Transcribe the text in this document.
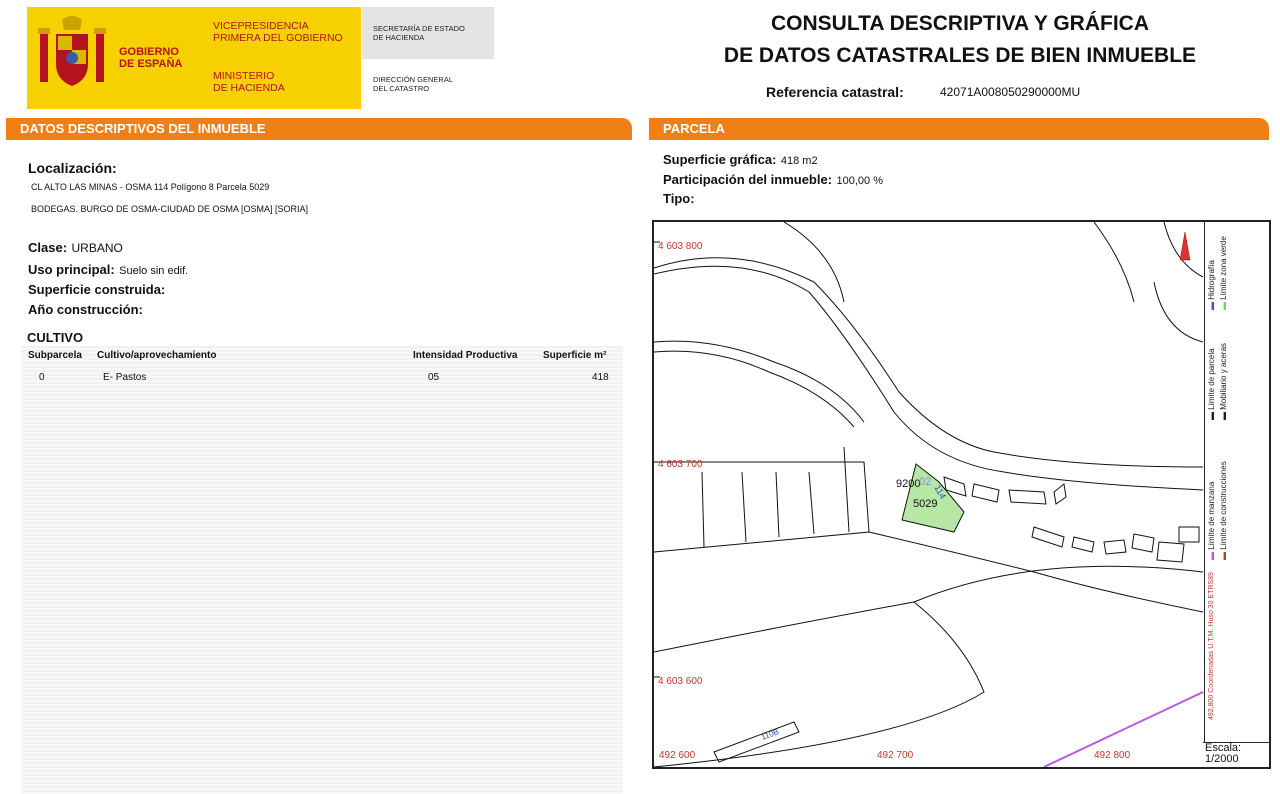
GOBIERNO
DE ESPAÑA
VICEPRESIDENCIA
PRIMERA DEL GOBIERNO
MINISTERIO
DE HACIENDA
SECRETARÍA DE ESTADO
DE HACIENDA
DIRECCIÓN GENERAL
DEL CATASTRO
CONSULTA DESCRIPTIVA Y GRÁFICA
DE DATOS CATASTRALES DE BIEN INMUEBLE
Referencia catastral:	42071A008050290000MU
DATOS DESCRIPTIVOS DEL INMUEBLE
Localización:
CL ALTO LAS MINAS - OSMA 114 Polígono 8 Parcela 5029
BODEGAS. BURGO DE OSMA-CIUDAD DE OSMA [OSMA] [SORIA]
Clase: URBANO
Uso principal: Suelo sin edif.
Superficie construida:
Año construcción:
CULTIVO
Subparcela Cultivo/aprovechamiento	Intensidad Productiva	Superficie m²
0	E- Pastos	05	418
PARCELA
Superficie gráfica: 418 m2
Participación del inmueble: 100,00 %
Tipo:
4 603 800
4 603 700
4 603 600
492 600	492 700	492 800
9200
5029
02
114
110B
▬ Límite de manzana
▬ Límite de construcciones
▬ Límite de parcela
▬ Mobiliario y aceras
▬ Hidrografía
▬ Límite zona verde
492,800 Coordenadas U.T.M. Huso 30 ETRS89
Escala:
1/2000
